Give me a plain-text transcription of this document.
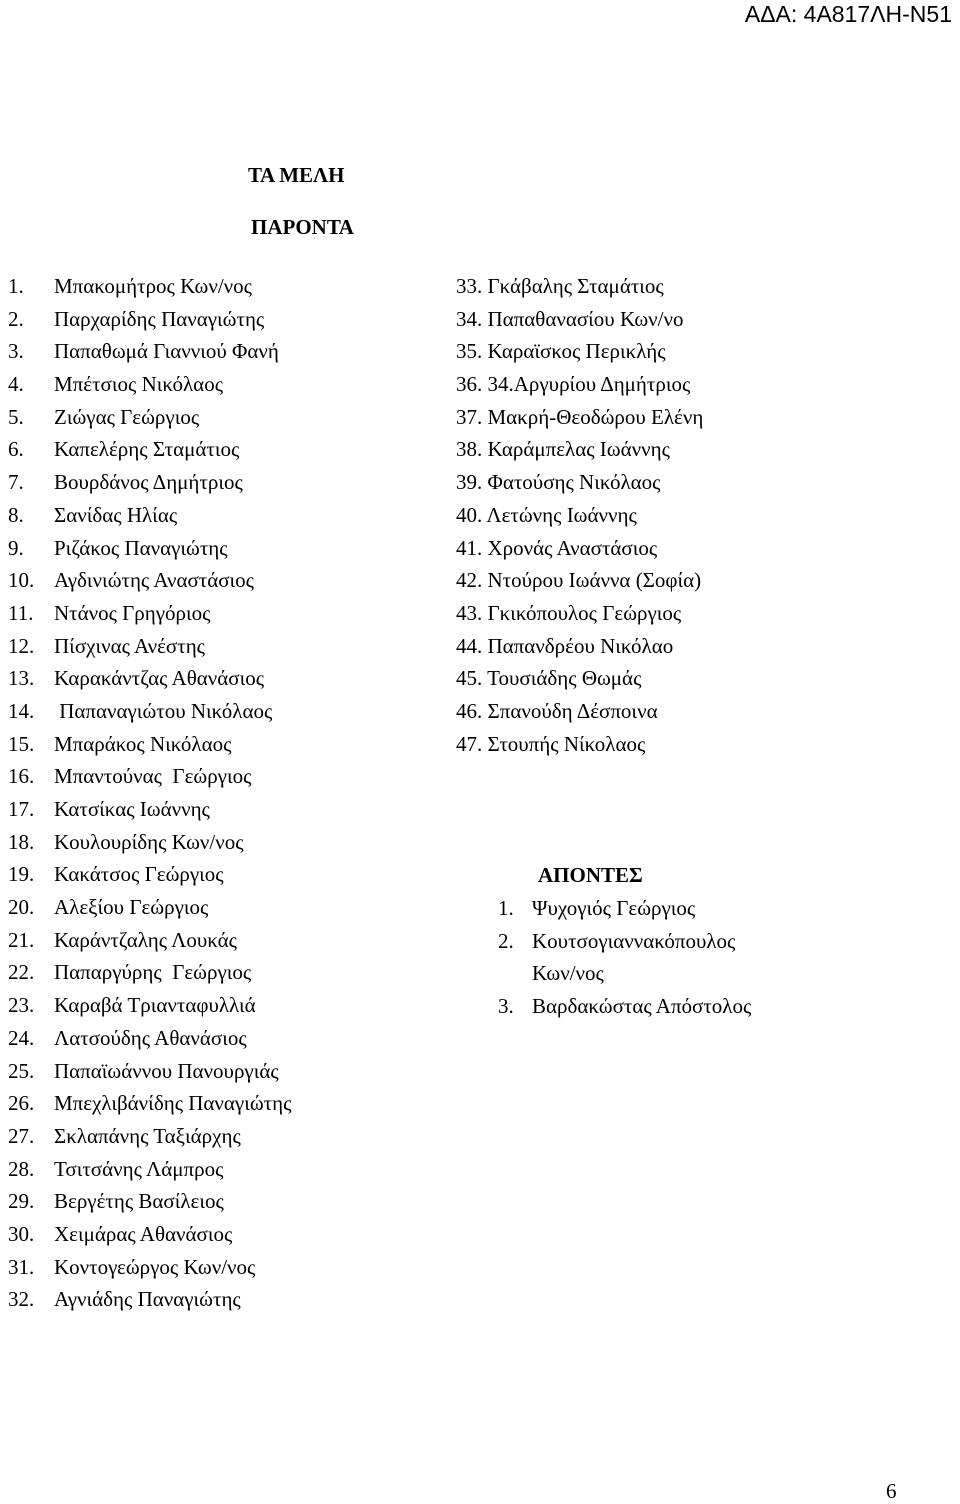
ΑΔΑ: 4Α817ΛΗ-Ν51
ΤΑ ΜΕΛΗ
ΠΑΡΟΝΤΑ
1. Μπακομήτρος Κων/νος
2. Παρχαρίδης Παναγιώτης
3. Παπαθωμά Γιαννιού Φανή
4. Μπέτσιος Νικόλαος
5. Ζιώγας Γεώργιος
6. Καπελέρης Σταμάτιος
7. Βουρδάνος Δημήτριος
8. Σανίδας Ηλίας
9. Ριζάκος Παναγιώτης
10. Αγδινιώτης Αναστάσιος
11. Ντάνος Γρηγόριος
12. Πίσχινας Ανέστης
13. Καρακάντζας Αθανάσιος
14. Παπαναγιώτου Νικόλαος
15. Μπαράκος Νικόλαος
16. Μπαντούνας  Γεώργιος
17. Κατσίκας Ιωάννης
18. Κουλουρίδης Κων/νος
19. Κακάτσος Γεώργιος
20. Αλεξίου Γεώργιος
21. Καράντζαλης Λουκάς
22. Παπαργύρης  Γεώργιος
23. Καραβά Τριανταφυλλιά
24. Λατσούδης Αθανάσιος
25. Παπαϊωάννου Πανουργιάς
26. Μπεχλιβάνίδης Παναγιώτης
27. Σκλαπάνης Ταξιάρχης
28. Τσιτσάνης Λάμπρος
29. Βεργέτης Βασίλειος
30. Χειμάρας Αθανάσιος
31. Κοντογεώργος Κων/νος
32. Αγνιάδης Παναγιώτης
33. Γκάβαλης Σταμάτιος
34. Παπαθανασίου Κων/νο
35. Καραϊσκος Περικλής
36. 34.Αργυρίου Δημήτριος
37. Μακρή-Θεοδώρου Ελένη
38. Καράμπελας Ιωάννης
39. Φατούσης Νικόλαος
40. Λετώνης Ιωάννης
41. Χρονάς Αναστάσιος
42. Ντούρου Ιωάννα (Σοφία)
43. Γκικόπουλος Γεώργιος
44. Παπανδρέου Νικόλαο
45. Τουσιάδης Θωμάς
46. Σπανούδη Δέσποινα
47. Στουπής Νίκολαος
ΑΠΟΝΤΕΣ
1. Ψυχογιός Γεώργιος
2. Κουτσογιαννακόπουλος
Κων/νος
3. Βαρδακώστας Απόστολος
6
